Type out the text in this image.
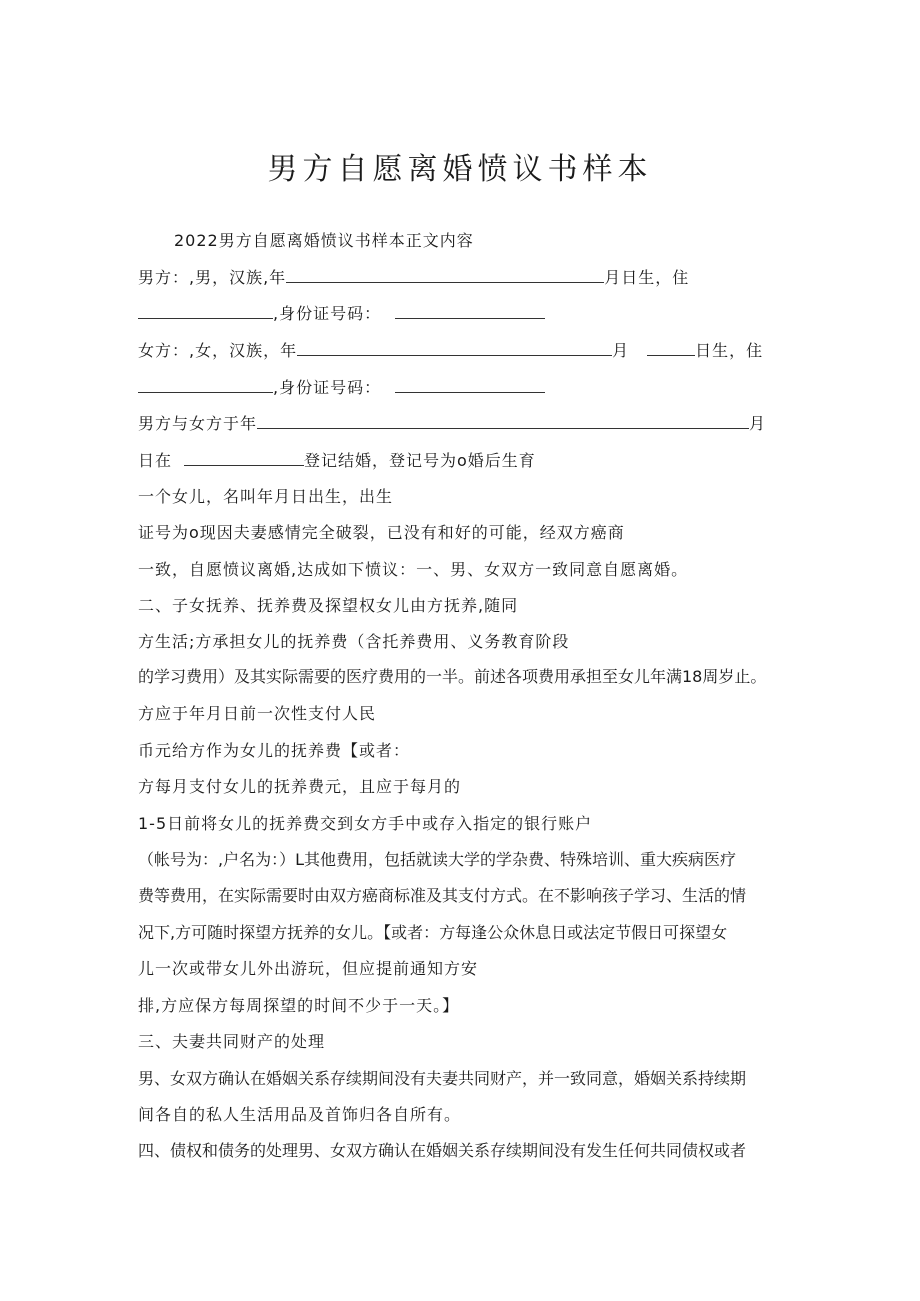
男方自愿离婚愤议书样本
2022男方自愿离婚愤议书样本正文内容
男方：,男，汉族,年	月日生，住
,身份证号码：
女方：,女，汉族，年	月	日生，住
,身份证号码：
男方与女方于年	月
日在	登记结婚，登记号为o婚后生育
一个女儿，名叫年月日出生，出生
证号为o现因夫妻感情完全破裂，已没有和好的可能，经双方癌商
一致，自愿愤议离婚,达成如下愤议：一、男、女双方一致同意自愿离婚。
二、子女抚养、抚养费及探望权女儿由方抚养,随同
方生活;方承担女儿的抚养费（含托养费用、义务教育阶段
的学习费用）及其实际需要的医疗费用的一半。前述各项费用承担至女儿年满18周岁止。
方应于年月日前一次性支付人民
币元给方作为女儿的抚养费【或者：
方每月支付女儿的抚养费元，且应于每月的
1-5日前将女儿的抚养费交到女方手中或存入指定的银行账户
（帐号为：,户名为：）L其他费用，包括就读大学的学杂费、特殊培训、重大疾病医疗
费等费用，在实际需要时由双方癌商标准及其支付方式。在不影响孩子学习、生活的情
况下,方可随时探望方抚养的女儿。【或者：方每逢公众休息日或法定节假日可探望女
儿一次或带女儿外出游玩，但应提前通知方安
排,方应保方每周探望的时间不少于一天。】
三、夫妻共同财产的处理
男、女双方确认在婚姻关系存续期间没有夫妻共同财产，并一致同意，婚姻关系持续期
间各自的私人生活用品及首饰归各自所有。
四、债权和债务的处理男、女双方确认在婚姻关系存续期间没有发生任何共同债权或者
